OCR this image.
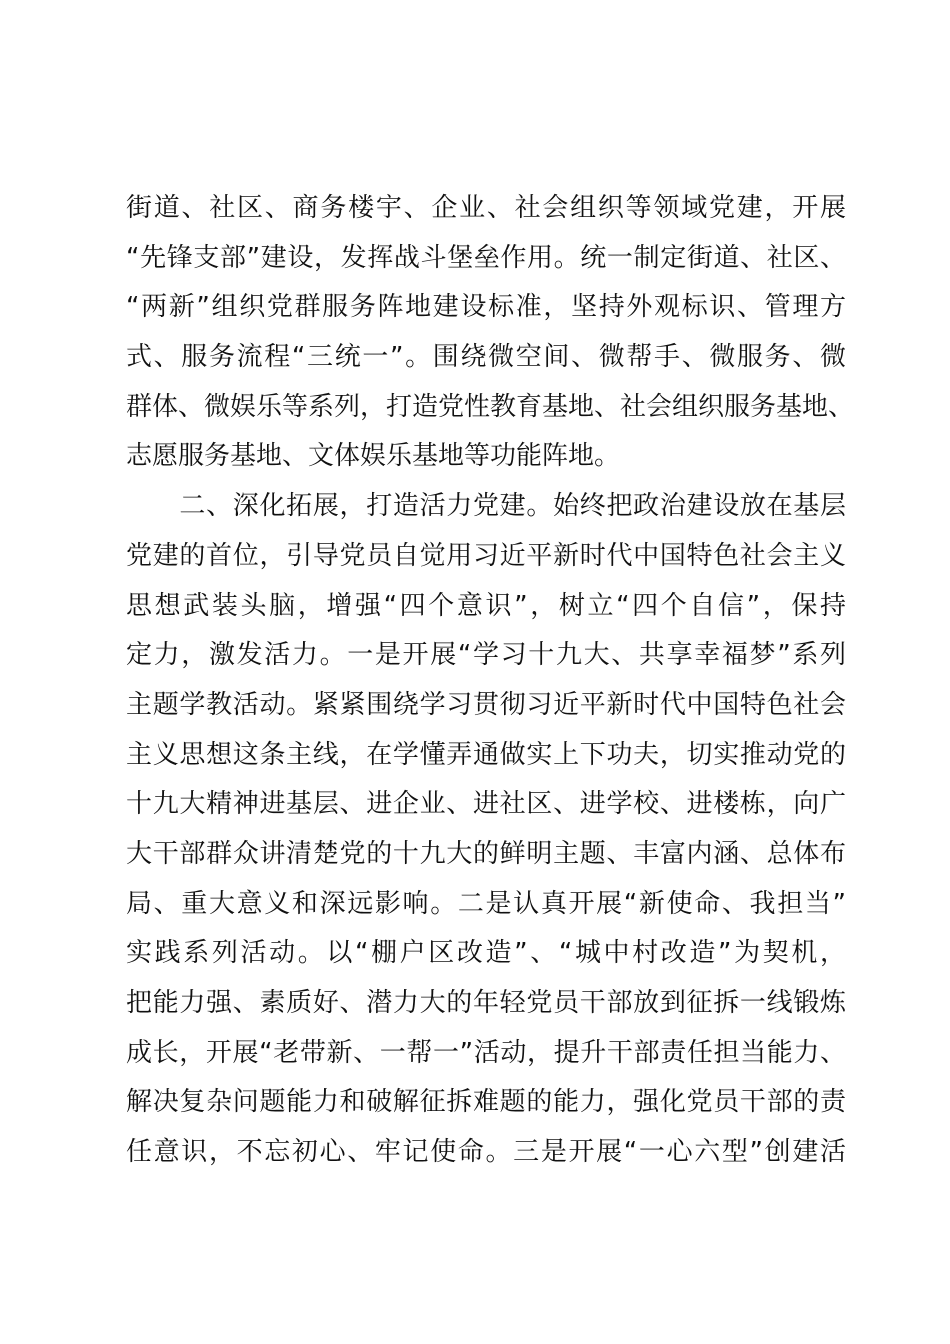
街道、社区、商务楼宇、企业、社会组织等领域党建，开展
“先锋支部”建设，发挥战斗堡垒作用。统一制定街道、社区、
“两新”组织党群服务阵地建设标准，坚持外观标识、管理方
式、服务流程“三统一”。围绕微空间、微帮手、微服务、微
群体、微娱乐等系列，打造党性教育基地、社会组织服务基地、
志愿服务基地、文体娱乐基地等功能阵地。
　　二、深化拓展，打造活力党建。始终把政治建设放在基层
党建的首位，引导党员自觉用习近平新时代中国特色社会主义
思想武装头脑，增强“四个意识”，树立“四个自信”，保持
定力，激发活力。一是开展“学习十九大、共享幸福梦”系列
主题学教活动。紧紧围绕学习贯彻习近平新时代中国特色社会
主义思想这条主线，在学懂弄通做实上下功夫，切实推动党的
十九大精神进基层、进企业、进社区、进学校、进楼栋，向广
大干部群众讲清楚党的十九大的鲜明主题、丰富内涵、总体布
局、重大意义和深远影响。二是认真开展“新使命、我担当”
实践系列活动。以“棚户区改造”、“城中村改造”为契机，
把能力强、素质好、潜力大的年轻党员干部放到征拆一线锻炼
成长，开展“老带新、一帮一”活动，提升干部责任担当能力、
解决复杂问题能力和破解征拆难题的能力，强化党员干部的责
任意识，不忘初心、牢记使命。三是开展“一心六型”创建活
